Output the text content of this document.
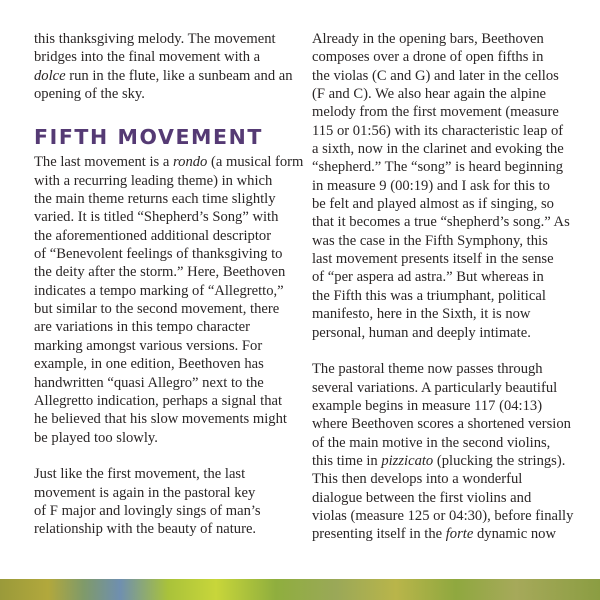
this thanksgiving melody. The movement
bridges into the final movement with a
dolce run in the flute, like a sunbeam and an
opening of the sky.
FIFTH MOVEMENT
The last movement is a rondo (a musical form
with a recurring leading theme) in which
the main theme returns each time slightly
varied. It is titled “Shepherd’s Song” with
the aforementioned additional descriptor
of “Benevolent feelings of thanksgiving to
the deity after the storm.” Here, Beethoven
indicates a tempo marking of “Allegretto,”
but similar to the second movement, there
are variations in this tempo character
marking amongst various versions. For
example, in one edition, Beethoven has
handwritten “quasi Allegro” next to the
Allegretto indication, perhaps a signal that
he believed that his slow movements might
be played too slowly.
Just like the first movement, the last
movement is again in the pastoral key
of F major and lovingly sings of man’s
relationship with the beauty of nature.
Already in the opening bars, Beethoven
composes over a drone of open fifths in
the violas (C and G) and later in the cellos
(F and C). We also hear again the alpine
melody from the first movement (measure
115 or 01:56) with its characteristic leap of
a sixth, now in the clarinet and evoking the
“shepherd.” The “song” is heard beginning
in measure 9 (00:19) and I ask for this to
be felt and played almost as if singing, so
that it becomes a true “shepherd’s song.” As
was the case in the Fifth Symphony, this
last movement presents itself in the sense
of “per aspera ad astra.” But whereas in
the Fifth this was a triumphant, political
manifesto, here in the Sixth, it is now
personal, human and deeply intimate.
The pastoral theme now passes through
several variations. A particularly beautiful
example begins in measure 117 (04:13)
where Beethoven scores a shortened version
of the main motive in the second violins,
this time in pizzicato (plucking the strings).
This then develops into a wonderful
dialogue between the first violins and
violas (measure 125 or 04:30), before finally
presenting itself in the forte dynamic now
